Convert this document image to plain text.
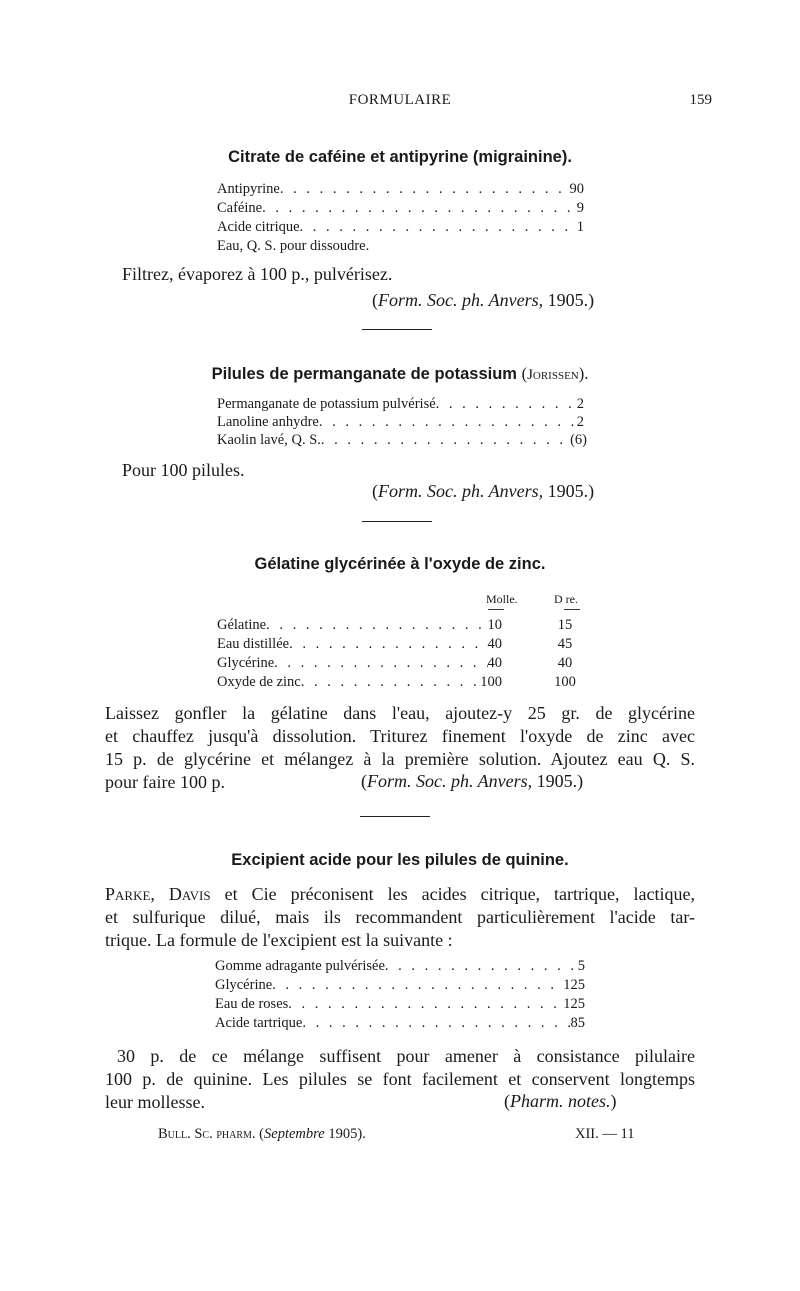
FORMULAIRE	159
Citrate de caféine et antipyrine (migrainine).
Antipyrine . . .	90
Caféine . . .	9
Acide citrique . . .	1
Eau, Q. S. pour dissoudre.
Filtrez, évaporez à 100 p., pulvérisez.
(Form. Soc. ph. Anvers, 1905.)
Pilules de permanganate de potassium (Jorissen).
Permanganate de potassium pulvérisé . . .	2
Lanoline anhydre . . .	2
Kaolin lavé, Q. S. . . .	(6)
Pour 100 pilules.
(Form. Soc. ph. Anvers, 1905.)
Gélatine glycérinée à l'oxyde de zinc.
Molle.	D re.
Gélatine . . .	10	15
Eau distillée . . .	40	45
Glycérine . . .	40	40
Oxyde de zinc . . .	100	100
Laissez gonfler la gélatine dans l'eau, ajoutez-y 25 gr. de glycérine
et chauffez jusqu'à dissolution. Triturez finement l'oxyde de zinc avec
15 p. de glycérine et mélangez à la première solution. Ajoutez eau Q. S.
pour faire 100 p.	(Form. Soc. ph. Anvers, 1905.)
Excipient acide pour les pilules de quinine.
Parke, Davis et Cie préconisent les acides citrique, tartrique, lactique,
et sulfurique dilué, mais ils recommandent particulièrement l'acide tar-
trique. La formule de l'excipient est la suivante :
Gomme adragante pulvérisée . . .	5
Glycérine . . .	125
Eau de roses . . .	125
Acide tartrique . . .	85
30 p. de ce mélange suffisent pour amener à consistance pilulaire
100 p. de quinine. Les pilules se font facilement et conservent longtemps
leur mollesse.	(Pharm. notes.)
Bull. Sc. pharm. (Septembre 1905).	XII. — 11
